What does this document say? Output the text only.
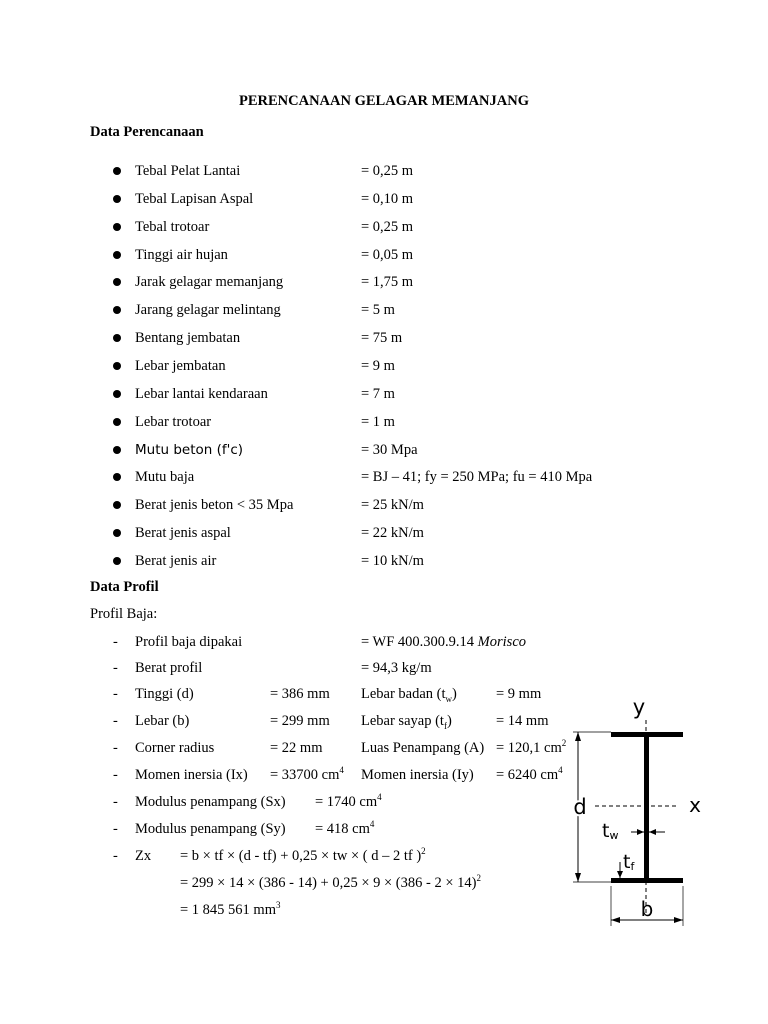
PERENCANAAN GELAGAR MEMANJANG
Data Perencanaan
Tebal Pelat Lantai	= 0,25 m
Tebal Lapisan Aspal	= 0,10 m
Tebal trotoar	= 0,25 m
Tinggi air hujan	= 0,05 m
Jarak gelagar memanjang	= 1,75 m
Jarang gelagar melintang	= 5 m
Bentang jembatan	= 75 m
Lebar jembatan	= 9 m
Lebar lantai kendaraan	= 7 m
Lebar trotoar	= 1 m
Mutu beton (f'c)	= 30 Mpa
Mutu baja	= BJ – 41; fy = 250 MPa; fu = 410 Mpa
Berat jenis beton < 35 Mpa	= 25 kN/m
Berat jenis aspal	= 22 kN/m
Berat jenis air	= 10 kN/m
Data Profil
Profil Baja:
- Profil baja dipakai	= WF 400.300.9.14 Morisco
- Berat profil	= 94,3 kg/m
- Tinggi (d)	= 386 mm Lebar badan $(t_w)$	= 9 mm
- Lebar (b)	= 299 mm Lebar sayap $(t_f)$	= 14 mm
- Corner radius	= 22 mm	Luas Penampang (A) = 120,1 $cm^2$
- Momen inersia (Ix) = 33700 $cm^4$ Momen inersia (Iy) = 6240 $cm^4$
- Modulus penampang (Sx) = 1740 $cm^4$
- Modulus penampang (Sy) = 418 $cm^4$
- Zx = b × tf × (d - tf) + 0,25 × tw × ( d – 2 tf )$^2$
= $299 \times 14 \times (386 - 14) + 0,25 \times 9 \times (386 - 2 \times 14)^2$
= 1 845 561 $mm^3$
y
x
d
tw
tf
b
